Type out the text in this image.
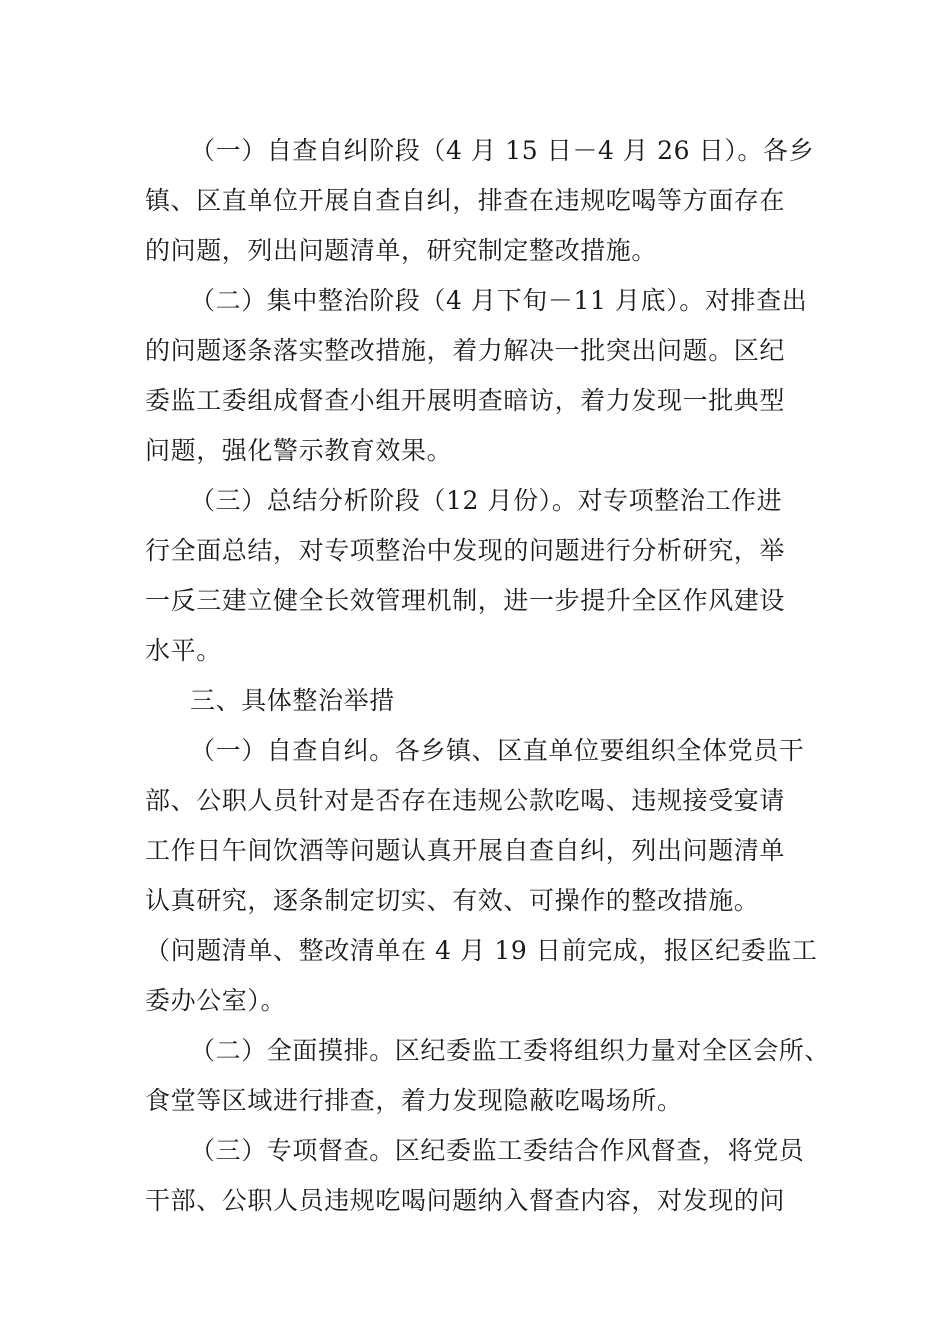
（一）自查自纠阶段（4 月 15 日－4 月 26 日）。各乡
镇、区直单位开展自查自纠，排查在违规吃喝等方面存在
的问题，列出问题清单，研究制定整改措施。
（二）集中整治阶段（4 月下旬－11 月底）。对排查出
的问题逐条落实整改措施，着力解决一批突出问题。区纪
委监工委组成督查小组开展明查暗访，着力发现一批典型
问题，强化警示教育效果。
（三）总结分析阶段（12 月份）。对专项整治工作进
行全面总结，对专项整治中发现的问题进行分析研究，举
一反三建立健全长效管理机制，进一步提升全区作风建设
水平。
三、具体整治举措
（一）自查自纠。各乡镇、区直单位要组织全体党员干
部、公职人员针对是否存在违规公款吃喝、违规接受宴请
工作日午间饮酒等问题认真开展自查自纠，列出问题清单
认真研究，逐条制定切实、有效、可操作的整改措施。
（问题清单、整改清单在 4 月 19 日前完成，报区纪委监工
委办公室）。
（二）全面摸排。区纪委监工委将组织力量对全区会所、
食堂等区域进行排查，着力发现隐蔽吃喝场所。
（三）专项督查。区纪委监工委结合作风督查，将党员
干部、公职人员违规吃喝问题纳入督查内容，对发现的问
